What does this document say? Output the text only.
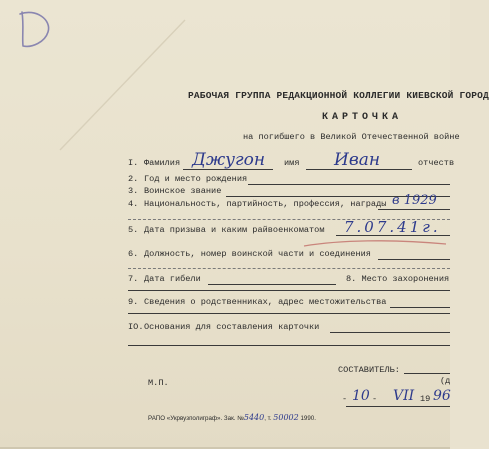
D
РАБОЧАЯ ГРУППА РЕДАКЦИОННОЙ КОЛЛЕГИИ КИЕВСКОЙ ГОРОД
КАРТОЧКА
на погибшего в Великой Отечественной войне
I. Фамилия Джугон имя Иван	отчеств
2. Год и место рождения
3. Воинское звание
4. Национальность, партийность, профессия, награды в 1929
5. Дата призыва и каким райвоенкоматом 7.07.41г.
6. Должность, номер воинской части и соединения
7. Дата гибели	8. Место захоронения
9. Сведения о родственниках, адрес местожительства
IO. Основания для составления карточки
СОСТАВИТЕЛЬ:
(д
М.П.
- 10 - VII 19 96
РАПО «Укрвузполиграф». Зак. №5440, т. 50002 1990.
